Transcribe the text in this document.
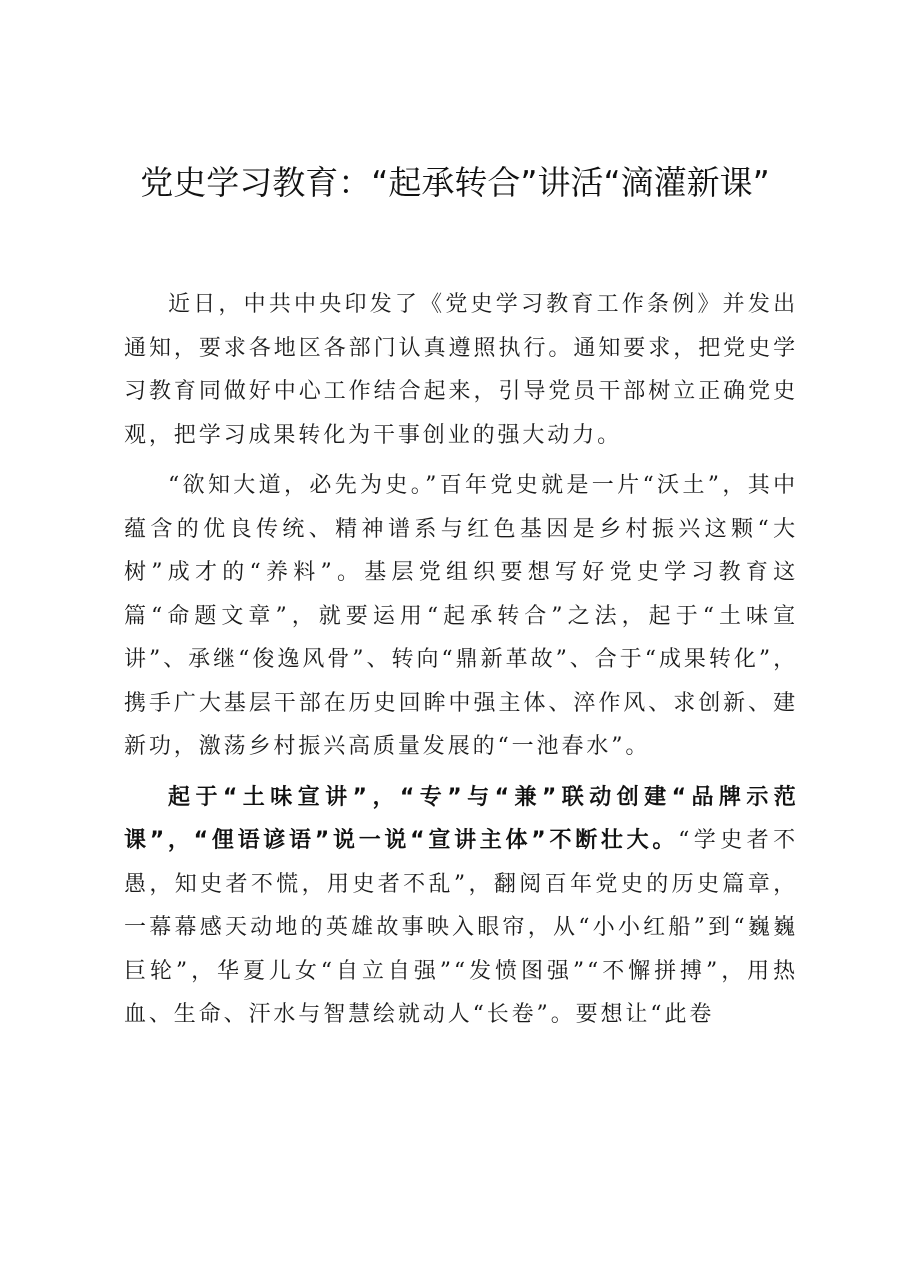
党史学习教育：“起承转合”讲活“滴灌新课”

近日，中共中央印发了《党史学习教育工作条例》并发出通知，要求各地区各部门认真遵照执行。通知要求，把党史学习教育同做好中心工作结合起来，引导党员干部树立正确党史观，把学习成果转化为干事创业的强大动力。

“欲知大道，必先为史。”百年党史就是一片“沃土”，其中蕴含的优良传统、精神谱系与红色基因是乡村振兴这颗“大树”成才的“养料”。基层党组织要想写好党史学习教育这篇“命题文章”，就要运用“起承转合”之法，起于“土味宣讲”、承继“俊逸风骨”、转向“鼎新革故”、合于“成果转化”，携手广大基层干部在历史回眸中强主体、淬作风、求创新、建新功，激荡乡村振兴高质量发展的“一池春水”。

起于“土味宣讲”，“专”与“兼”联动创建“品牌示范课”，“俚语谚语”说一说“宣讲主体”不断壮大。“学史者不愚，知史者不慌，用史者不乱”，翻阅百年党史的历史篇章，一幕幕感天动地的英雄故事映入眼帘，从“小小红船”到“巍巍巨轮”，华夏儿女“自立自强”“发愤图强”“不懈拼搏”，用热血、生命、汗水与智慧绘就动人“长卷”。要想让“此卷
